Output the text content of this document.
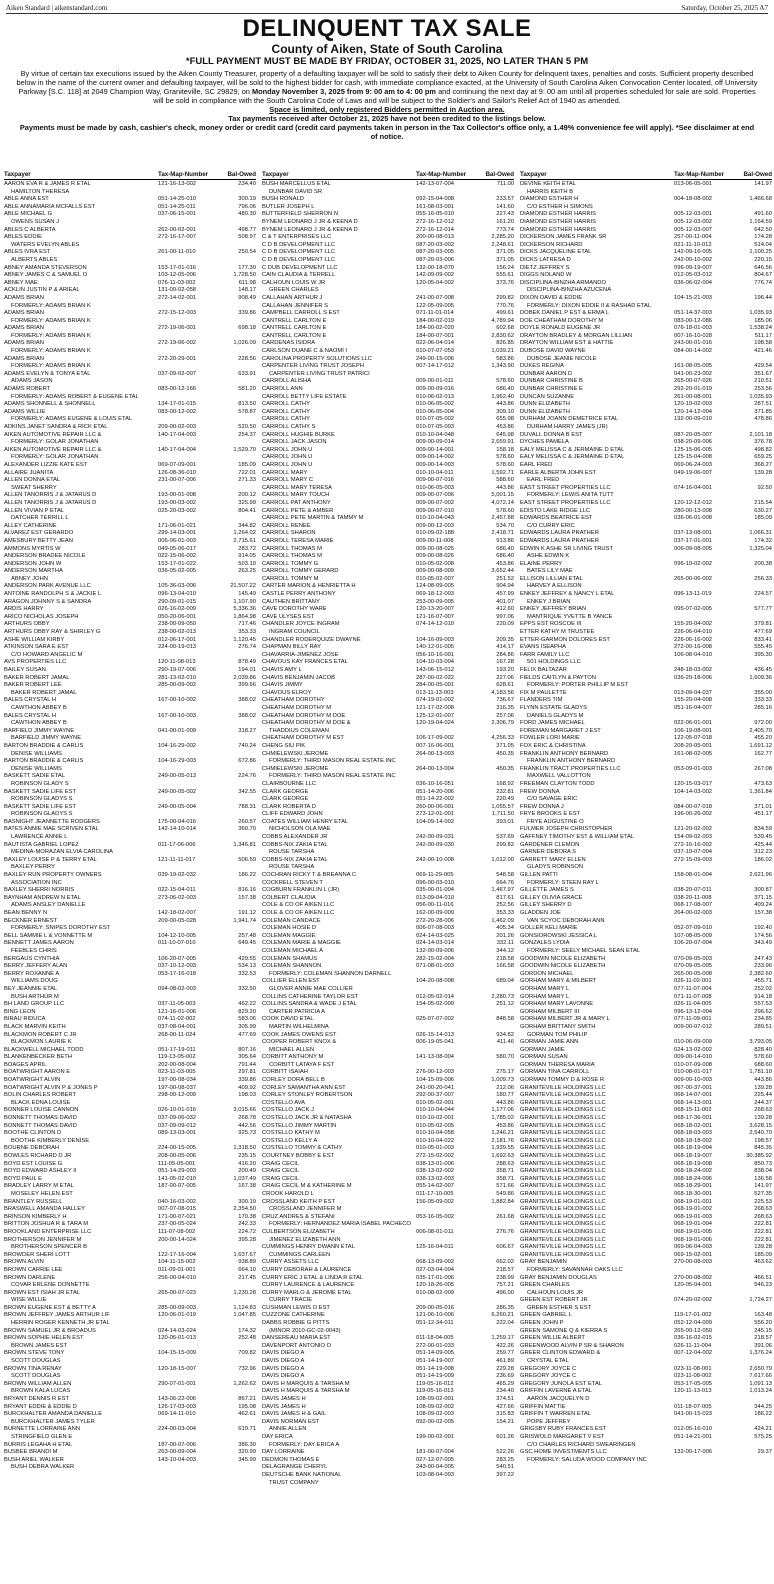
Aiken Standard | aikenstandard.com	Saturday, October 25, 2025 A7
DELINQUENT TAX SALE
County of Aiken, State of South Carolina
*FULL PAYMENT MUST BE MADE BY FRIDAY, OCTOBER 31, 2025, NO LATER THAN 5 PM

By virtue of certain tax executions issued by the Aiken County Treasurer, property of a defaulting taxpayer will be sold to satisfy their debt to Aiken County for delinquent taxes, penalties and costs. Sufficient property described below in the name of the current owner and defaulting taxpayer, will be sold to the highest bidder for cash, with immediate compliance exacted, at the University of South Carolina Aiken Convocation Center located, off University Parkway [S.C. 118] at 2049 Champion Way, Graniteville, SC 29829, on Monday November 3, 2025 from 9: 00 am to 4: 00 pm and continuing the next day at 9: 00 am until all properties scheduled for sale are sold. Properties will be sold in compliance with the South Carolina Code of Laws and will be subject to the Soldier's and Sailor's Relief Act of 1940 as amended.

Space is limited, only registered Bidders permitted in Auction area.

Tax payments received after October 21, 2025 have not been credited to the listings below.

Payments must be made by cash, cashier's check, money order or credit card (credit card payments taken in person in the Tax Collector's office only, a 1.49% convenience fee will apply). *See disclaimer at end of notice.

Taxpayer	Tax-Map-Number	Bal-Owed
AARON EVA R & JAMES R ETAL	121-16-13-002	234.40
HAMILTON THERESA
ABLE ANNA EST	051-14-25-010	300.19
ABLE ANNAMARIA MCFALLS EST	051-14-25-011	796.06
ABLE MICHAEL G	037-06-15-001	480.30
OWENS SUSAN J
ABLES C ALBERTA	262-00-02-001	498.77
ABLES EDDIE	272-16-17-007	508.97
WATERS EVELYN ABLES
ABLES IVRA EST	261-00-11-010	250.54
ALBERTS ABLES
ABNEY AMANDA STEVERSON	153-17-01-016	177.30
ABNEY JAMES C & SAMUEL O	103-12-05-006	1,728.50
ABNEY MAE	076-11-03-002	611.98
ACKLIN JUSTIN P & ARIEAL	131-00-02-058	148.17
ADAMS BRIAN	272-14-02-001	908.49
FORMERLY: ADAMS BRIAN K
ADAMS BRIAN	272-15-12-003	339.86
FORMERLY: ADAMS BRIAN K
ADAMS BRIAN	272-19-06-001	698.18
FORMERLY: ADAMS BRIAN K
ADAMS BRIAN	272-19-06-002	1,026.09
FORMERLY: ADAMS BRIAN K
ADAMS BRIAN	272-20-29-001	228.56
FORMERLY: ADAMS BRIAN K
ADAMS EVELYN & TONYA ETAL	037-09-02-007	633.91
ADAMS JASON
ADAMS ROBERT	083-00-12-166	581.20
FORMERLY: ADAMS ROBERT & EUGENE ETAL
ADAMS SHONNELL & SHONNELL	134-17-01-015	813.50
ADAMS WILLIE	083-00-12-002	578.87
FORMERLY: ADAMS EUGENE & LOUIS ETAL
ADKINS JANET SANDRA & RICK ETAL	209-00-02-003	520.50
AIKEN AUTOMOTIVE REPAIR LLC &	140-17-04-003	254.37
FORMERLY: GOLAR JONATHAN
AIKEN AUTOMOTIVE REPAIR LLC &	140-17-04-004	1,529.70
FORMERLY: GOLAR JONATHAN
ALEXANDER LIZZIE KATE EST	069-07-09-001	185.09
ALLAIRE JUANITA	126-08-36-010	722.01
ALLEN DONNA ETAL	231-00-07-006	271.33
SWEAT SHERRY
ALLEN TANORRIS J & JATARUS D	193-00-01-008	200.12
ALLEN TANORRIS J & JATARUS D	193-00-03-002	325.99
ALLEN VIVIAN P ETAL	025-20-03-002	804.41
DATCHER TERRILL L
ALLEY CATHERINE	171-06-01-021	344.82
ALVAREZ EST GERARDO	299-14-03-001	1,264.02
AMESBURY BETTY JEAN	006-06-01-003	2,715.61
AMMONS MYRTIS W	049-05-06-017	283.72
ANDERSON BRADEE NICOLE	022-15-06-002	914.05
ANDERSON JOHN W	153-17-01-022	503.10
ANDERSON MARTHA	036-05-02-005	263.25
ABNEY JOHN
ANDERSON PARK AVENUE LLC	105-36-03-006	21,507.22
ANTOINE RANDOLPH S & JACKIE L	096-13-04-010	145.49
ARAGON JOHNNY S & SANDRA	290-09-01-015	1,107.90
ARDIS HARRY	026-16-02-009	5,336.36
ARICO NICHOLAS JOSEPH	050-20-06-001	1,864.98
ARTHURS OBBY	238-00-09-050	717.46
ARTHURS OBBY RAY & SHIRLEY G	238-00-02-013	353.33
ASHE WILLIAM KIRBY	012-06-17-001	1,120.45
ATKINSON SARA E EST	224-00-19-013	276.74
C/O HOWARD ANGELIC M
AVS PROPERTIES LLC	120-11-08-013	878.49
BAILEY SUSAN	290-19-07-006	194.01
BAKER ROBERT JAMAL	281-13-02-010	2,039.86
BAKER ROBERT LEE	285-00-09-002	399.66
BAKER ROBERT JAMAL
BALES CRYSTAL H	167-00-10-002	388.02
CAWTHON ABBEY B
BALES CRYSTAL H	167-00-10-003	388.02
CAWTHON ABBEY B
BARFIELD JIMMY WAYNE	041-00-01-009	318.27
BARFIELD JIMMY WAYNE
BARTON BRADDIE & CARLIS	104-16-29-002	740.24
DENISE WILLIAMS
BARTON BRADDIE & CARLIS	104-16-29-003	672.86
DENISE WILLIAMS
BASKETT SADIE ETAL	249-00-05-013	224.76
ROBINSON GLADY S
BASKETT SADIE LIFE EST	249-00-05-002	342.55
ROBINSON GLADYS S
BASKETT SADIE LIFE EST	249-00-05-004	788.31
ROBINSON GLADYS S
BASNIGHT JEANNETTE RODGERS	175-00-04-016	260.57
BATES ANNIE MAE SCRIVEN ETAL	142-14-10-014	360.70
LAWRENCE ANNIE L
BAUTISTA GABRIEL LOPEZ	011-17-06-006	1,346.81
MEDINA-MORAZAN ELVIA CAROLINA
BAXLEY LOUISE P & TERRY ETAL	121-11-11-017	506.59
BAXLEY PERRY
BAXLEY RUN PROPERTY OWNERS	039-19-02-032	186.22
ASSOCIATION INC
BAXLEY SHERRI NORRIS	022-15-04-011	816.16
BAYNHAM ANDREW N ETAL	273-06-02-003	157.38
ADAMS ANSLEY DANIELLE
BEAN BENNY N	142-18-02-007	191.12
BECKNER ERNEST	209-00-05-028	1,941.74
FORMERLY: SNIPES DOROTHY EST
BELL SAMMIE L & VONNETTE M	104-12-10-005	257.48
BENNETT JAMES AARON	011-10-07-010	649.45
FEEBLES CHRIS
BERGAUS CYNTHIA	106-20-07-005	429.55
BERRY JEFFERY ALAN	037-10-12-003	534.13
BERRY ROXANNE A	053-17-16-018	332.53
WILLIAMS DOUG
BEY JEANNIE ETAL	094-08-02-003	332.50
BUSH ARTHUR M
BH LAND GROUP LLC	037-11-05-003	462.22
BING LEON	121-16-01-006	829.20
BIRAU RIDUCA	074-11-02-002	583.06
BLACK MARVIN KEITH	037-08-04-001	305.99
BLACKMON ROBERT C JR	268-00-11-024	477.69
BLACKMON LAURIE K
BLACKWELL MICHAEL TODD	051-17-19-011	807.16
BLANKENBECKER BETH	119-13-05-002	305.64
BOAGES APRIL	202-00-08-004	791.44
BOATWRIGHT AARON E	023-11-03-005	297.81
BOATWRIGHT ALVIN	197-00-08-034	339.86
BOATWRIGHT ALVIN P & JONES P	197-00-08-037	409.92
BOLIN CHARLES ROBERT	298-00-12-009	198.03
BLACK EDNA LOUISE
BONNER LOUISE CANNON	026-10-01-016	3,015.66
BONNETT THOMAS DAVID	037-09-06-032	268.78
BONNETT THOMAS DAVID	037-09-09-012	442.56
BOOTHE CLINTON D	089-13-03-001	925.73
BOOTHE KIMBERLY DENISE
BOURNE DEBORAH	224-00-15-005	1,318.50
BOWLES RICHARD D JR	208-00-05-006	235.15
BOYD EST LOUISE G	111-05-05-001	416.20
BOYD EDWARD ASHLEY II	051-14-29-003	200.49
BOYD PAUL E	141-05-02-010	1,037.49
BRADLEY LARRY M ETAL	187-00-07-005	167.38
MOSELEY HELEN EST
BRANTLEY RUSSELL	040-16-03-002	300.19
BRASWELL AMANDA HALLEY	007-07-08-015	2,354.50
BRINSON KIMBERLY H	171-00-07-021	170.38
BRITTON JOSHUA R & TARA M	237-00-05-024	242.33
BROOKLAND ENTERPRISE LLC	111-07-08-002	224.72
BROTHERSON JENNIFER M	200-00-14-024	395.28
BROTHERSON SPENCER B
BROWDER SHERI LOTT	122-17-16-004	1,637.67
BROWN ALVIN	104-11-15-002	938.89
BROWN CARRIE LEE	011-09-01-001	664.10
BROWN DARLENE	256-00-04-010	217.45
COVAR ERLENE DONNETTE
BROWN EST ISIAH JR ETAL	265-00-07-023	1,230.28
WISE WILLIE
BROWN EUGENE EST & BETTY A	285-00-09-003	1,124.83
BROWN JEFFREY JAMES ARTHUR LIF	120-06-01-019	1,047.85
HERRIN ROGER KENNETH JR ETAL
BROWN SAMUEL JR & BROADUS	024-14-03-024	174.32
BROWN SOPHIE HELEN EST	120-06-01-013	252.48
BROWN JAMES EST
BROWN STEVE TONY	104-15-15-009	709.82
SCOTT DOUGLAS
BROWN TINA RENAY	120-18-15-007	732.96
SCOTT DOUGLAS
BROWN WILLIAM ALLEN	290-07-01-001	1,262.62
BROWN KALA LUCAS
BRYANT DENNIS R EST	143-06-22-006	867.21
BRYANT EDDIE & EDDIE D	126-17-03-003	195.08
BURCKHALTER AMANDA DANIELLE	069-14-11-010	462.61
BURCKHALTER JAMES TYLER
BURNETTE LORRAINE ANN	224-00-03-004	619.71
STRINGFIELD GLEN E
BURRIS LEGAHA H ETAL	187-00-07-006	386.30
BUSBEE BRANDI M	263-00-09-004	320.99
BUSH ARIEL WALKER	143-10-04-003	345.99
BUSH DEBRA WALKER
Taxpayer	Tax-Map-Number	Bal-Owed
BUSH MARCELLUS ETAL	142-13-07-004	711.00
DUNBAR DAVID SR
BUSH RONALD	092-15-04-008	233.57
BUTLER JOSEPH L	161-08-03-001	141.60
BUTTERFIELD SHERRON N	055-16-05-010	227.43
BYNEM LEONARD J JR & KEENA D	272-16-12-012	161.20
BYNEM LEONARD J JR & KEENA D	272-16-12-014	773.74
C & T ENTERPRISES LLC	200-00-08-013	2,285.20
C D B DEVELOPMENT LLC	087-20-03-002	2,248.61
C D B DEVELOPMENT LLC	087-20-03-005	371.05
C D B DEVELOPMENT LLC	087-20-03-006	371.05
C DUB DEVELOPMENT LLC	132-00-18-070	156.24
CAIN CLAUDIA & TERRELL	142-09-09-002	555.61
CALHOUN LOUIS W JR	120-05-04-002	373.76
GREEN CHARLES
CALLAHAN ARTHUR J	241-00-07-008	299.82
CALLAHAN JENNIFER S	122-05-09-005	770.76
CAMPBELL CARROLL S EST	071-11-01-014	499.61
CANTRELL CARLTON E	184-00-02-019	4,789.94
CANTRELL CARLTON E	184-00-02-020	602.68
CANTRELL CARLTON E	184-00-07-001	2,830.62
CARDENAS ISIDRA	022-06-04-014	826.85
CARLSON DUANE C & NAOMI I	010-07-07-053	1,039.21
CAROLINA PROPERTY SOLUTIONS LLC	249-00-15-006	583.86
CARPENTER LIVING TRUST JOSEPH	007-14-17-012	1,343.90
CARPENTER LIVING TRUST PATRICI
CARROLL ALISHA	009-00-01-011	578.60
CARROLL ANN	009-00-09-016	686.40
CARROLL BETTY LIFE ESTATE	010-06-02-013	1,962.40
CARROLL CATHY	010-06-05-002	443.86
CARROLL CATHY	010-06-05-004	309.10
CARROLL CATHY	010-07-05-002	655.98
CARROLL CATHY S	010-07-05-003	453.86
CARROLL HUGHIE BURKE	010-10-04-048	645.98
CARROLL JACK JASON	009-00-09-014	2,659.91
CARROLL JOHN U	009-00-14-001	158.18
CARROLL JOHN U	009-00-14-002	578.60
CARROLL JOHN U	009-00-14-003	578.60
CARROLL MARY	010-10-04-011	1,592.71
CARROLL MARY C	009-00-07-016	588.60
CARROLL MARY TERESA	010-06-05-003	443.86
CARROLL MARY TOUCH	009-00-07-006	5,001.15
CARROLL PAT ANTHONY	009-00-07-002	4,072.14
CARROLL PETE & AMBER	009-00-07-010	578.60
CARROLL PETE MARTIN & TAMMY M	010-10-04-043	2,457.88
CARROLL RENEE	009-00-12-003	534.70
CARROLL SHARON	010-09-02-188	2,418.71
CARROLL TERESA MARIE	009-00-11-008	913.86
CARROLL THOMAS M	009-00-08-025	686.40
CARROLL THOMAS M	009-00-08-026	686.40
CARROLL TOMMY G	010-05-02-008	453.86
CARROLL TOMMY GERARD	009-00-08-009	3,652.44
CARROLL TOMMY M	010-05-02-007	251.52
CARTER MARION & HENRIETTA H	124-08-09-005	904.94
CASTLE PERRY ANTHONY	069-18-12-003	457.99
CAUTHEN BRITTANY	253-00-09-005	401.07
CAVE DOROTHY WARE	120-13-20-007	412.60
CAVE ULYSES EST	121-16-07-007	997.06
CHANDLER JOYCE INGRAM	074-14-12-010	220.09
INGRAM COUNCIL
CHANDLER RODERQUIZE DWAYNE	104-16-09-003	209.35
CHAPMAN BILLY RAY	140-12-01-005	414.17
CHAVARRIA-JIMENEZ JOSE	056-10-16-001	284.86
CHAVOUS KAY FRANCES ETAL	104-10-03-004	167.28
CHAVIS AMY L	143-06-15-012	193.20
CHAVIS BENJAMIN JACOB	287-00-02-022	227.06
CHAVIS JIMMY	284-00-05-001	628.61
CHAVOUS ELROY	013-11-13-003	4,183.56
CHEATHAM DOROTHY	074-19-01-002	736.67
CHEATHAM DOROTHY M	121-17-02-008	316.35
CHEATHAM DOROTHY M DOE	125-12-01-007	257.06
CHEATHAM DOROTHY M DOE &	120-19-04-024	2,306.79
THADDIUS COLEMAN
CHEATHAM DOROTHY M EST	106-17-09-002	4,256.33
CHENG SIU PIK	007-16-06-001	371.05
CHMIELEWSKI JEROME	264-00-13-003	450.35
FORMERLY: THIRD MASON REAL ESTATE INC
CHMIELEWSKI JEROME	264-00-13-004	450.35
FORMERLY: THIRD MASON REAL ESTATE INC
CLAIRBOURNE LLC	036-10-16-051	168.92
CLARK GEORGE	051-14-20-006	232.81
CLARK GEORGE	051-14-22-002	220.49
CLARK ROBERTA D	260-00-06-001	1,055.57
CLIFF EDWARD JOHN	273-12-01-001	1,711.50
COATES WILLIAM HENRY ETAL	104-09-14-002	393.01
NICHOLSON OLA MAE
COBBS ALEXANDER JR	242-00-09-031	537.69
COBBS-NIX ZAKIA ETAL	242-00-09-030	299.82
ROUSE TARSHA
COBBS-NIX ZAKIA ETAL	242-00-10-008	1,012.00
ROUSE TARSHA
COCHRAN RICKY T & BREANNA C	069-11-29-005	548.58
COCKRELL STEVEN T	096-00-03-010	664.76
COGBURN FRANKLIN L (JR)	035-00-01-004	1,467.97
COLBERT CLAUDIA	013-09-04-010	817.61
COLE & CO OF AIKEN LLC	056-00-11-016	252.56
COLE & CO OF AIKEN LLC	162-00-09-009	353.33
COLEMAN CANDACE	272-20-28-006	1,462.09
COLEMAN HOSIE D	006-07-08-003	405.34
COLEMAN MAGGIE	024-14-03-025	201.26
COLEMAN MARIE & MAGGIE	024-14-03-014	332.11
COLEMAN MICHAEL A	132-00-09-006	344.12
COLEMAN SHAMUS	282-15-02-004	218.58
COLEMAN SHANNON	071-08-01-003	166.58
FORMERLY: COLEMAN SHANNON DARNELL
COLLIER ELLEN EST	104-20-08-008	689.04
GLOVER ANNIE MAE COLLIER
COLLINS CATHERINE TAYLOR EST	012-05-02-014	2,280.73
COLLINS SANDRA & WADE J ETAL	154-05-02-009	251.12
CARTER PATRICIA A
COOK DAVID ETAL	025-07-07-002	848.58
MARTIN WILHELMINA
COOK JAMES OWENS EST	026-15-14-013	934.82
COOPER ROBERT KNOX &	006-19-05-041	411.46
MICHAEL ALLEN
CORBITT ANTHONY M	141-13-08-004	580.70
CORBITT LATAYA F EST
CORBITT ISAIAH	276-00-12-003	275.17
CORLEY DORA BELL B	104-15-09-006	1,009.73
CORLEY SAMANTHA ANN EST	241-00-20-041	212.06
CORLEY STONLEY ROBERTSON	292-00-37-007	180.77
COSTELLO AVA	010-05-02-001	443.86
COSTELLO JACK J	010-10-04-044	1,177.06
COSTELLO JACK JR & NATASHA	010-10-02-001	1,785.02
COSTELLO JIMMY MARTIN	010-05-02-005	453.86
COSTELLO KATHY M	010-10-04-058	1,246.21
COSTELLO KELLY A	010-10-04-022	2,181.76
COSTELLO TOMMY & CATHY	010-05-01-003	1,939.55
COURTNEY BOBBY E EST	272-15-02-002	1,692.63
CRAIG CECIL	038-13-01-006	288.63
CRAIG CECIL	038-13-02-002	358.71
CRAIG CECIL	038-13-02-003	358.71
CRAIG CECIL M & KATHERINE M	055-14-02-007	571.66
CROOK HAROLD L	011-17-10-005	549.86
CROSSLAND KEITH P EST	156-05-09-002	1,882.84
CROSSLAND JENNIFER M
CRUZ ANDRES & STEFANI	053-16-05-002	261.68
FORMERLY: HERNANDEZ MARIA ISABEL PACHECO
CULBERTSON ELIZABETH	006-08-01-011	276.76
JIMENEZ ELIZABETH ANN
CUMMINGS HENRY DWANN ETAL	125-16-04-011	606.67
CUMMINGS CARLEEN
CURRY ASSETS LLC	068-13-09-002	662.02
CURRY DEBORAH & LAURENCE	027-03-04-004	218.57
CURRY ERIC J ETAL & LINDA R ETAL	035-17-01-006	238.99
CURRY LAURENCE & LAURENCE	120-18-26-005	757.21
CURRY MARLO & JEROME ETAL	010-08-02-009	496.00
CURRY TRACIE
CUSHMAN LEWIS O EST	209-00-05-016	286.35
CUZZONE CATHERINE	121-06-10-006	6,260.21
DABBS ROBBIE G PITTS	051-12-34-011	222.04
(MINOR 2010-GC-02-0043)
DANSEREAU MARIA EST	011-18-04-005	1,259.17
DAVENPORT ANTONIO O	272-00-01-033	422.26
DAVIS DIEGO A	051-14-09-005	259.77
DAVIS DIEGO A	051-14-19-007	461.89
DAVIS DIEGO A	051-14-19-008	229.28
DAVIS DIEGO A	051-14-19-009	236.69
DAVIS H MARQUIS & TARSHA M	119-05-16-012	465.29
DAVIS H MARQUIS & TARSHA M	119-05-16-013	234.40
DAVIS JAMES H	108-09-02-001	374.51
DAVIS JAMES H	108-09-02-002	427.66
DAVIS JAMES H & GAIL	108-09-02-003	315.83
DAVIS NORMAN EST	092-00-02-005	154.21
ANNIE ALLEN
DAY ERICA	199-00-02-001	601.26
FORMERLY: DAY ERICA A
DAY LORRAINE	181-00-07-004	522.26
DEDMON THOMAS E	027-12-07-005	283.25
DELAGRANGE CHERYL	243-00-04-005	540.51
DEUTSCHE BANK NATIONAL	103-08-04-003	397.22
TRUST COMPANY
Taxpayer	Tax-Map-Number	Bal-Owed
DEVINE KEITH ETAL	013-06-05-001	141.97
HARRIS KEITH B
DIAMOND ESTHER H	004-18-08-002	1,466.68
C/O ESTHER H SIMONS
DIAMOND ESTHER HARRIS	005-12-03-001	491.60
DIAMOND ESTHER HARRIS	005-12-03-002	1,164.59
DIAMOND ESTHER HARRIS	005-12-03-007	642.50
DICKERSON JAMES FRANK SR	257-00-11-004	174.28
DICKERSON RICHARD	021-11-10-012	514.04
DICKS JACQUELINE ETAL	142-09-16-005	1,100.25
DICKS LATRESA D	242-00-10-002	220.15
DIETZ JEFFREY S	096-09-19-007	646.56
DIGGS NOLAND W	012-05-03-012	804.67
DISCIPLINA-BINZHA ARMANDO	036-06-02-004	776.74
DISCIPLINA-BINZHA AZUCENA
DIXON DAVID & EDDIE	104-15-21-003	196.44
FORMERLY: DIXON EDDIE II & RASHAD ETAL
DOBEK DANIEL P EST & ERMA L	051-14-37-003	1,035.93
DOE CHEATHAM DOROTHY M	083-00-12-086	185.06
DOYLE RONALD EUGENE JR	076-18-01-003	1,538.24
DRAYTON BRADLEY & MORGAN LILLIAN	007-16-10-028	511.17
DRAYTON WILLIAM EST & HATTIE	243-00-01-016	198.58
DUBOSE DAVID WAYNE	084-00-14-002	421.46
DUBOSE JEANIE NICOLE
DUKES REGINA	161-08-05-005	429.54
DUNBAR AARON D	041-00-23-002	351.67
DUNBAR CHRISTINE B	265-00-07-026	210.51
DUNBAR CHRISTINE E	292-20-01-019	253.56
DUNCAN SUZANNE	261-00-08-001	1,035.93
DUNN ELIZABETH	120-10-02-003	287.51
DUNN ELIZABETH	120-14-12-004	371.85
DURHAM JOANN DEMETRICE ETAL	192-00-09-010	478.86
DURHAM HARRY JAMES (JR)
DUVALL DONNA B EST	087-20-05-007	2,101.18
DYCHES PAMELA	038-20-09-006	376.78
EALY MELISSA C & JERMAINE D ETAL	125-15-06-005	498.82
EALY MELISSA C & JERMAINE D ETAL	125-15-04-008	659.25
EARL FRED	069-06-24-003	368.27
EARLE ALBERTA JOHN EST	049-19-06-007	139.28
EARL FRED
EAST STREET PROPERTIES LLC	074-16-04-001	92.50
FORMERLY: LEWIS ANITA TUTT
EAST STREET PROPERTIES LLC	120-12-12-012	215.54
EDISTO LAKE RIDGE LLC	280-00-13-008	630.27
EDWARDS BEATRICE EST	036-06-01-008	185.09
C/O CURRY ERIC
EDWARDS LAURA PRATHER	037-13-08-001	1,066.31
EDWARDS LAURA PRATHER	037-17-01-001	174.32
EDWIN K ASHE SR LIVING TRUST	006-09-08-005	1,325.04
ASHE EDWIN K
ELAINE PERRY	096-10-02-002	200.38
BATES LILY MAE
ELLISON LILLIAN ETAL	265-00-06-002	256.33
HARVEY A ELLISON
ENKEY JEFFREY & NANCY L ETAL	096-13-11-019	224.57
ENKEY J BRIAN
ENKEY JEFFREY BRIAN	095-07-02-005	577.77
MANTRIQUE YVETTE B YANCE
EPPS EST ROSCOE III	155-20-04-002	379.81
ETTER KATHY M TRUSTEE	226-06-04-010	477.69
ETTER-GARMON DOLORES EST	226-06-16-002	833.41
EVANS ISEAPHA	272-00-16-008	555.45
FARR FAMILY LLC	106-08-04-010	395.30
501 HOLDINGS LLC
FELIX BALTAZAR	248-18-03-002	436.45
FIELDS CAITLYN & PAYTON	036-20-18-006	1,609.36
FORMERLY: PORTER PHILLIP M EST
FIX M PAULETTE	013-09-04-037	355.00
FLANDERS TIM	155-20-04-008	333.33
FLYNN ESTATE GLADYS	051-16-04-007	285.16
DANIELS GLADYS M
FORD JAMES MICHAEL	022-06-01-001	972.00
FOREMAN MARGARET J EST	106-19-08-001	2,405.70
FOWLER LORI MARIE	122-05-07-018	455.20
FOX ERIC & CHRISTINA	208-20-05-001	1,691.12
FRANKLIN ANTHONY BERNARD	161-08-02-005	162.77
FRANKLIN ANTHONY BERNARD
FRANKLIN TRACT PROPERTIES LLC	053-09-01-003	267.08
MAXWELL VALLOTTON
FREEMAN CLAYTON TODD	120-15-03-017	473.63
FREW DONNA	104-14-03-002	1,361.84
C/O SAVAGE ERIC
FREW DONNA J	084-00-07-018	371.01
FRYE BROOKS E EST	196-00-26-002	451.17
FRYE AUGUSTINE O
FULMER JOSEPH CHRISTOPHER	121-20-02-002	834.59
GAFFNEY TIMOTHY EST & WILLIAM ETAL	154-09-02-003	539.45
GARDENER CLEMON	272-16-16-002	425.44
GARNER DEBORA S	037-10-07-004	312.23
GARRETT MARY ELLEN	272-15-09-003	186.02
GLADYS ROBINSON
GILLEN PATTI	158-08-01-004	2,621.96
FORMERLY: STEEN RAY L
GILLETTE JAMES S	038-20-07-011	300.87
GILLEY OLIVIA GRACE	038-20-11-008	371.15
GILLEY SHERRY D	068-17-08-007	409.24
GLADDEN JOE	264-00-02-003	157.38
VAN SCYOC DEBORAH ANN
GOLLER KELI MARIE	052-07-09-010	192.40
GONSIOROWSKI JESSICA L	107-08-05-009	174.56
GONZALES LYDIA	106-20-07-004	343.49
FORMERLY: SEELY MICHAEL SEAN ETAL
GOODWIN NICOLE ELIZABETH	070-09-05-003	247.43
GOODWIN NICOLE ELIZABETH	070-09-05-005	233.96
GORDON MICHAEL	265-00-05-008	2,382.60
GORHAM MARY & MILBERT	026-11-02-001	455.71
GORHAM MARY L	077-11-07-004	252.02
GORHAM MARY L	071-11-07-008	914.18
GORHAM MARY LAVONNE	026-11-04-005	557.53
GORHAM MILBERT III	096-13-12-004	296.62
GORHAM MILBERT JR & MARY L	077-11-09-001	234.85
GORHAM BRITTANY SMITH	009-00-07-012	289.51
GORMAN TOM PHILIP
GORMAN JAMIE ANN	010-06-09-009	3,793.05
GORMAN JAMIE	024-13-02-002	828.40
GORMAN SUSAN	009-00-14-010	578.60
GORMAN THERESA MARIA	010-07-09-008	688.60
GORMAN TINA CARROLL	010-08-01-017	1,781.10
GORMAN TOMMY D & ROSE R	009-00-10-003	443.86
GRANITEVILLE HOLDINGS LLC	067-00-37-001	139.28
GRANITEVILLE HOLDINGS LLC	068-14-07-001	225.44
GRANITEVILLE HOLDINGS LLC	068-14-13-001	244.37
GRANITEVILLE HOLDINGS LLC	068-15-11-002	268.63
GRANITEVILLE HOLDINGS LLC	068-17-36-001	139.28
GRANITEVILLE HOLDINGS LLC	068-18-02-001	3,628.15
GRANITEVILLE HOLDINGS LLC	068-18-03-003	2,540.70
GRANITEVILLE HOLDINGS LLC	068-18-18-002	198.57
GRANITEVILLE HOLDINGS LLC	068-18-19-004	845.35
GRANITEVILLE HOLDINGS LLC	068-18-19-007	30,385.92
GRANITEVILLE HOLDINGS LLC	068-18-19-008	850.73
GRANITEVILLE HOLDINGS LLC	068-18-24-002	838.04
GRANITEVILLE HOLDINGS LLC	068-18-24-006	136.58
GRANITEVILLE HOLDINGS LLC	068-18-29-001	141.97
GRANITEVILLE HOLDINGS LLC	068-18-30-001	527.35
GRANITEVILLE HOLDINGS LLC	068-19-01-001	225.53
GRANITEVILLE HOLDINGS LLC	068-19-01-002	268.63
GRANITEVILLE HOLDINGS LLC	068-19-01-003	268.63
GRANITEVILLE HOLDINGS LLC	068-19-01-004	222.81
GRANITEVILLE HOLDINGS LLC	068-19-01-005	222.81
GRANITEVILLE HOLDINGS LLC	068-19-01-006	222.81
GRANITEVILLE HOLDINGS LLC	069-06-04-003	139.28
GRANITEVILLE HOLDINGS LLC	069-15-02-001	185.09
GRAY BENJAMIN	270-00-08-003	463.62
FORMERLY: SAVANNAH OAKS LLC
GRAY BENJAMIN DOUGLAS	270-00-08-002	466.51
GREEN CHARLES	120-05-04-001	546.23
CALHOUN LOUIS JR
GREEN EST ROBERT JR	074-20-02-002	1,724.27
GREEN ESTHER S EST
GREEN GABRIEL L	119-17-01-002	163.48
GREEN JOHN P	052-12-04-009	556.20
GREEN SAMONE Q & KIERRA S	265-00-12-050	245.15
GREEN WILLIE ALBERT	036-16-02-015	218.57
GREENWOOD ALVIN P SR & SHARON	026-11-11-004	391.06
GREER CLINTON EDWARD &	007-12-04-002	1,376.24
CRYSTAL ETAL
GREGORY JOYCE C	023-11-08-001	2,650.79
GREGORY JOYCE C	023-11-08-002	7,617.66
GREGORY JUNOLA EST ETAL	053-17-05-005	1,091.13
GRIFFIN LAVERNE A ETAL	120-11-13-013	1,013.24
AARON JACQUELYN D
GRIFFIN MATTIE	011-18-07-005	344.25
GRIFFIN T WARREN ETAL	041-00-15-023	186.22
POPE JEFFREY
GRIGSBY RUBY FRANCES EST	012-05-16-010	424.21
GRISWOLD MARGARET V EST	051-14-21-001	575.25
C/O CHARLES RICHARD SWEARINGEN
GSC HOME INVESTMENTS LLC	132-00-17-006	29.37
FORMERLY: SALUDA WOOD COMPANY INC
